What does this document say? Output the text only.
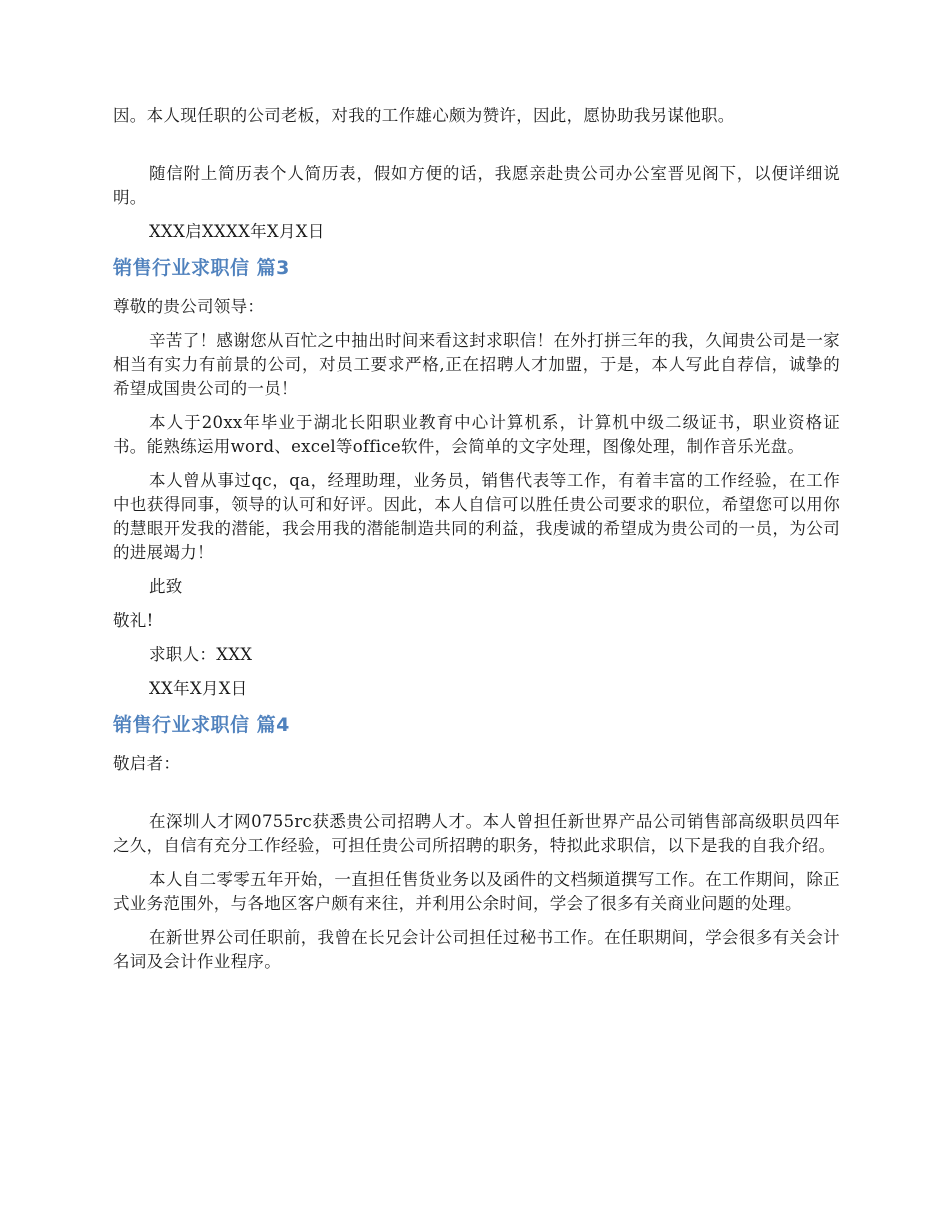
因。本人现任职的公司老板，对我的工作雄心颇为赞许，因此，愿协助我另谋他职。

随信附上简历表个人简历表，假如方便的话，我愿亲赴贵公司办公室晋见阁下，以便详细说明。

XXX启XXXX年X月X日

销售行业求职信 篇3

尊敬的贵公司领导：

辛苦了！感谢您从百忙之中抽出时间来看这封求职信！在外打拼三年的我，久闻贵公司是一家相当有实力有前景的公司，对员工要求严格,正在招聘人才加盟，于是，本人写此自荐信，诚挚的希望成国贵公司的一员！

本人于20xx年毕业于湖北长阳职业教育中心计算机系，计算机中级二级证书，职业资格证书。能熟练运用word、excel等office软件，会简单的文字处理，图像处理，制作音乐光盘。

本人曾从事过qc，qa，经理助理，业务员，销售代表等工作，有着丰富的工作经验，在工作中也获得同事，领导的认可和好评。因此，本人自信可以胜任贵公司要求的职位，希望您可以用你的慧眼开发我的潜能，我会用我的潜能制造共同的利益，我虔诚的希望成为贵公司的一员，为公司的进展竭力！

此致

敬礼!

求职人：XXX

XX年X月X日

销售行业求职信 篇4

敬启者：

在深圳人才网0755rc获悉贵公司招聘人才。本人曾担任新世界产品公司销售部高级职员四年之久，自信有充分工作经验，可担任贵公司所招聘的职务，特拟此求职信，以下是我的自我介绍。

本人自二零零五年开始，一直担任售货业务以及函件的文档频道撰写工作。在工作期间，除正式业务范围外，与各地区客户颇有来往，并利用公余时间，学会了很多有关商业问题的处理。

在新世界公司任职前，我曾在长兄会计公司担任过秘书工作。在任职期间，学会很多有关会计名词及会计作业程序。
